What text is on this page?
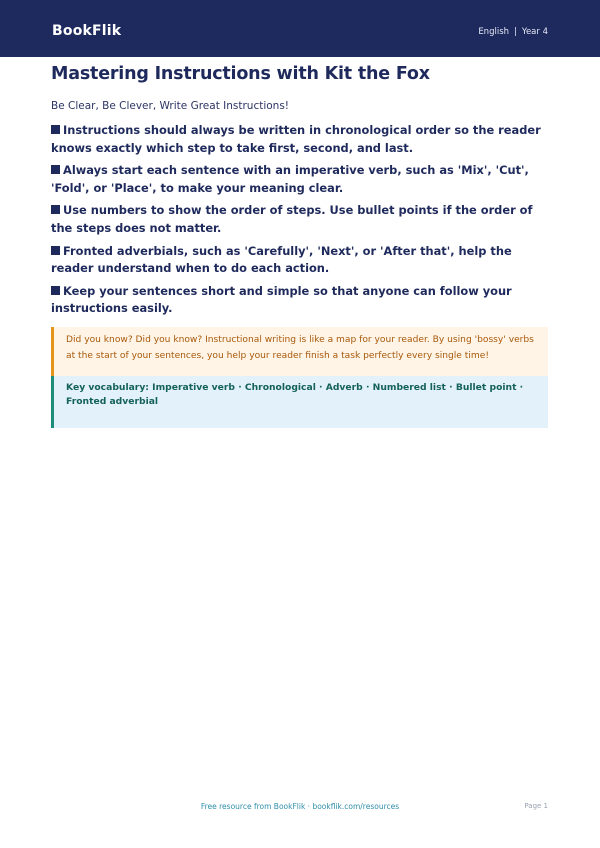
BookFlik	English | Year 4
Mastering Instructions with Kit the Fox

Be Clear, Be Clever, Write Great Instructions!

Instructions should always be written in chronological order so the reader knows exactly which step to take first, second, and last.
Always start each sentence with an imperative verb, such as 'Mix', 'Cut', 'Fold', or 'Place', to make your meaning clear.
Use numbers to show the order of steps. Use bullet points if the order of the steps does not matter.
Fronted adverbials, such as 'Carefully', 'Next', or 'After that', help the reader understand when to do each action.
Keep your sentences short and simple so that anyone can follow your instructions easily.

Did you know? Did you know? Instructional writing is like a map for your reader. By using 'bossy' verbs at the start of your sentences, you help your reader finish a task perfectly every single time!

Key vocabulary: Imperative verb · Chronological · Adverb · Numbered list · Bullet point · Fronted adverbial

Free resource from BookFlik · bookflik.com/resources	Page 1
